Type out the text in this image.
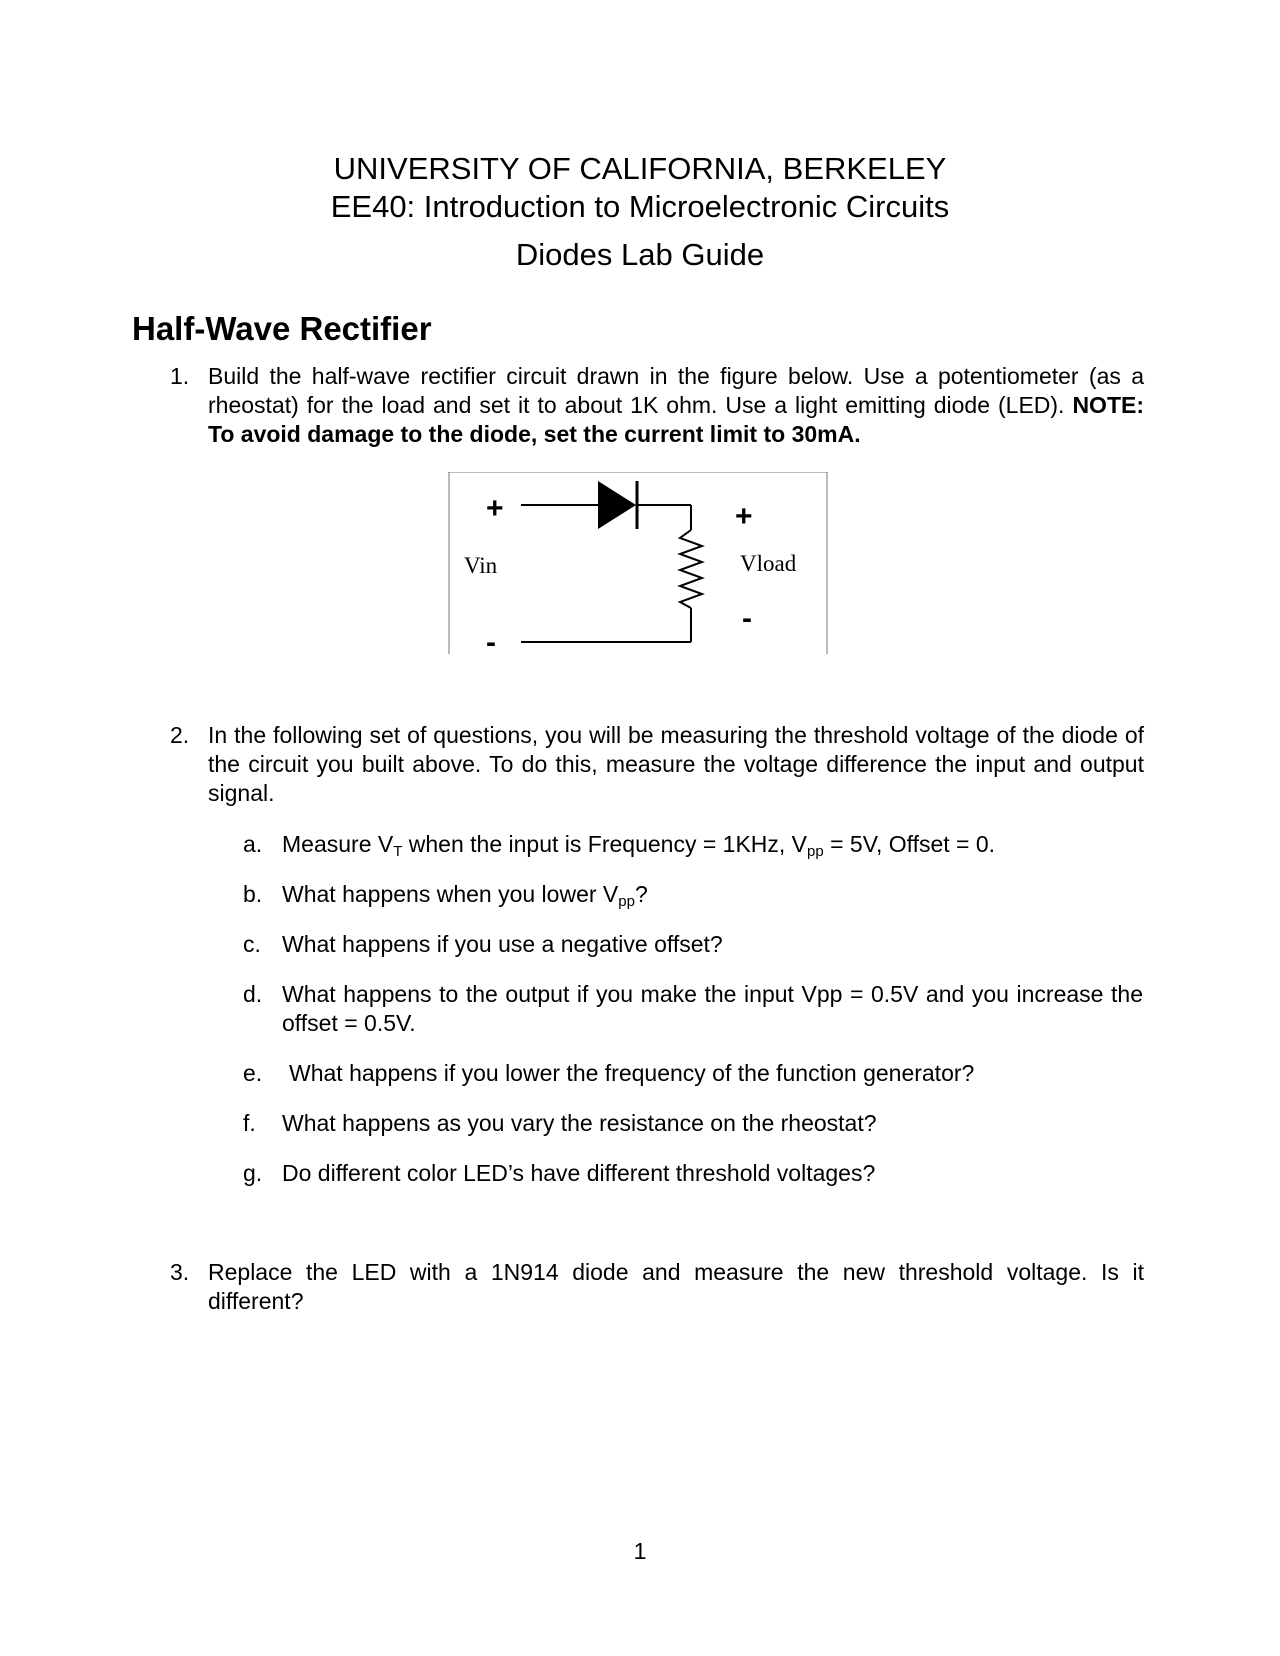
UNIVERSITY OF CALIFORNIA, BERKELEY
EE40: Introduction to Microelectronic Circuits
Diodes Lab Guide
Half-Wave Rectifier
1. Build the half-wave rectifier circuit drawn in the figure below. Use a potentiometer (as a rheostat) for the load and set it to about 1K ohm. Use a light emitting diode (LED). NOTE: To avoid damage to the diode, set the current limit to 30mA.
+
Vin
-
+
Vload
-
2. In the following set of questions, you will be measuring the threshold voltage of the diode of the circuit you built above. To do this, measure the voltage difference the input and output signal.
a. Measure $V_T$ when the input is Frequency = 1KHz, $V_{pp} = 5V$, Offset = 0.
b. What happens when you lower $V_{pp}$?
c. What happens if you use a negative offset?
d. What happens to the output if you make the input Vpp = 0.5V and you increase the offset = 0.5V.
e. What happens if you lower the frequency of the function generator?
f. What happens as you vary the resistance on the rheostat?
g. Do different color LED’s have different threshold voltages?
3. Replace the LED with a 1N914 diode and measure the new threshold voltage. Is it different?
1
